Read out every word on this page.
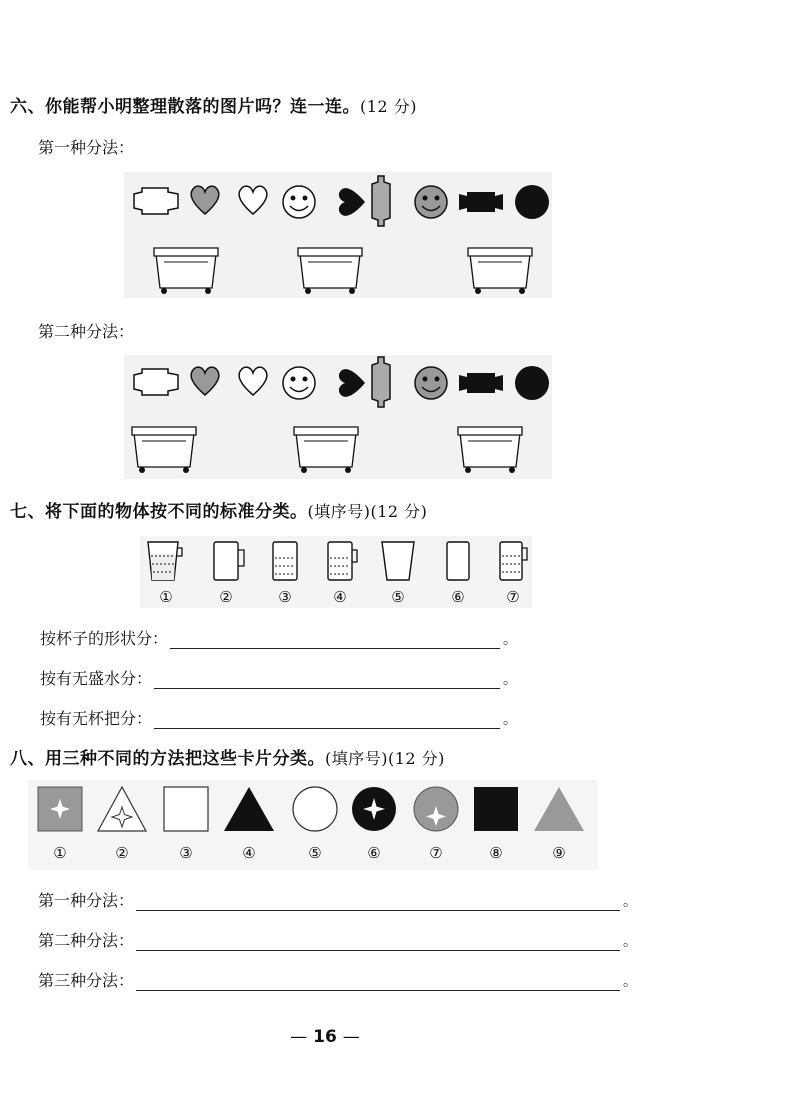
六、你能帮小明整理散落的图片吗？连一连。(12 分)
第一种分法：
第二种分法：
七、将下面的物体按不同的标准分类。(填序号)(12 分)
①	②	③	④	⑤	⑥	⑦
按杯子的形状分：	。
按有无盛水分：	。
按有无杯把分：	。
八、用三种不同的方法把这些卡片分类。(填序号)(12 分)
①	②	③	④	⑤	⑥	⑦	⑧	⑨
第一种分法：	。
第二种分法：	。
第三种分法：	。
— 16 —
